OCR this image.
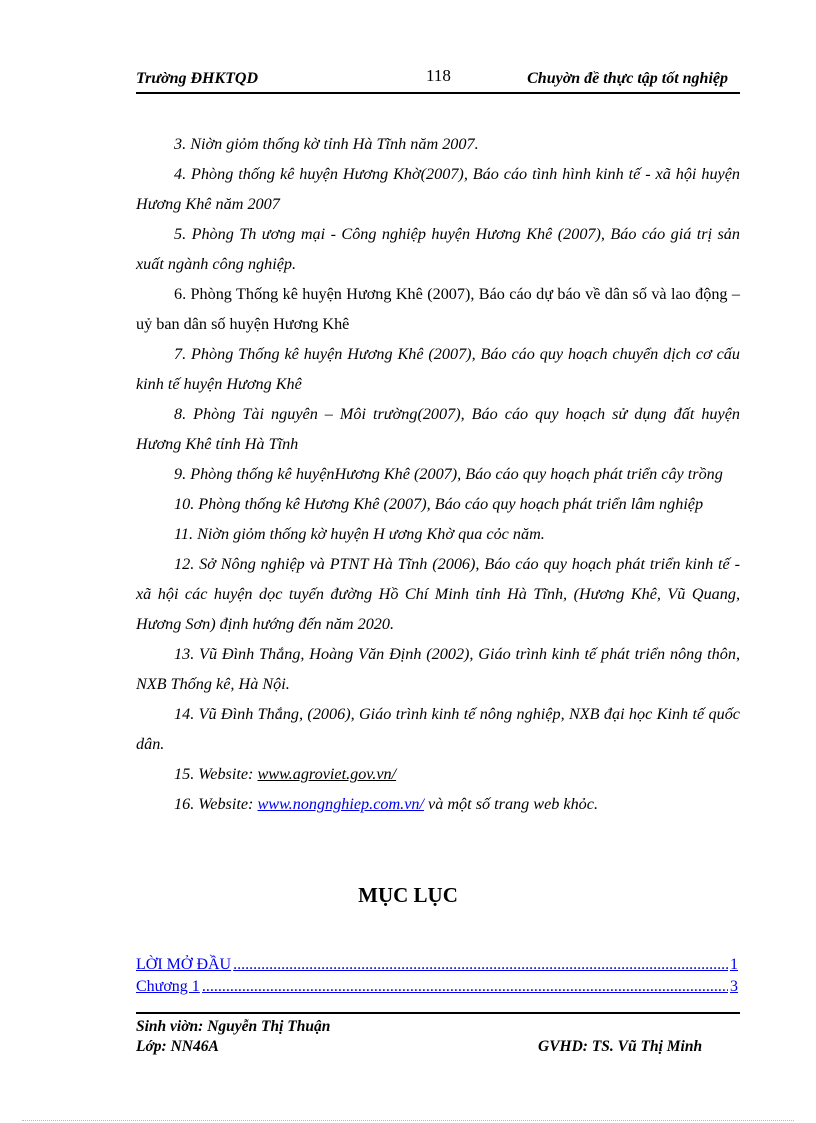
Trường ĐHKTQD	118	Chuyờn đề thực tập tốt nghiệp

3. Niờn giỏm thống kờ tỉnh Hà Tĩnh năm 2007.

4. Phòng thống kê huyện Hương Khờ(2007), Báo cáo tình hình kinh tế - xã hội huyện Hương Khê năm 2007

5. Phòng Th ương mại - Công nghiệp huyện Hương Khê (2007), Báo cáo giá trị sản xuất ngành công nghiệp.

6. Phòng Thống kê huyện Hương Khê (2007), Báo cáo dự báo về dân số và lao động – uỷ ban dân số huyện Hương Khê

7. Phòng Thống kê huyện Hương Khê (2007), Báo cáo quy hoạch chuyển dịch cơ cấu kinh tế huyện Hương Khê

8. Phòng Tài nguyên – Môi trường(2007), Báo cáo quy hoạch sử dụng đất huyện Hương Khê tỉnh Hà Tĩnh

9. Phòng thống kê huyệnHương Khê (2007), Báo cáo quy hoạch phát triển cây trồng

10. Phòng thống kê Hương Khê (2007), Báo cáo quy hoạch phát triển lâm nghiệp

11. Niờn giỏm thống kờ huyện H ương Khờ qua cỏc năm.

12. Sở Nông nghiệp và PTNT Hà Tĩnh (2006), Báo cáo quy hoạch phát triển kinh tế - xã hội các huyện dọc tuyến đường Hồ Chí Minh tỉnh Hà Tĩnh, (Hương Khê, Vũ Quang, Hương Sơn) định hướng đến năm 2020.

13. Vũ Đình Thắng, Hoàng Văn Định (2002), Giáo trình kinh tế phát triển nông thôn, NXB Thống kê, Hà Nội.

14. Vũ Đình Thắng, (2006), Giáo trình kinh tế nông nghiệp, NXB đại học Kinh tế quốc dân.

15. Website: www.agroviet.gov.vn/

16. Website: www.nongnghiep.com.vn/ và một số trang web khỏc.

MỤC LỤC
LỜI MỞ ĐẦU .....	1
Chương 1 .....	3
Sinh viờn: Nguyễn Thị Thuận
Lớp: NN46A	GVHD: TS. Vũ Thị Minh
